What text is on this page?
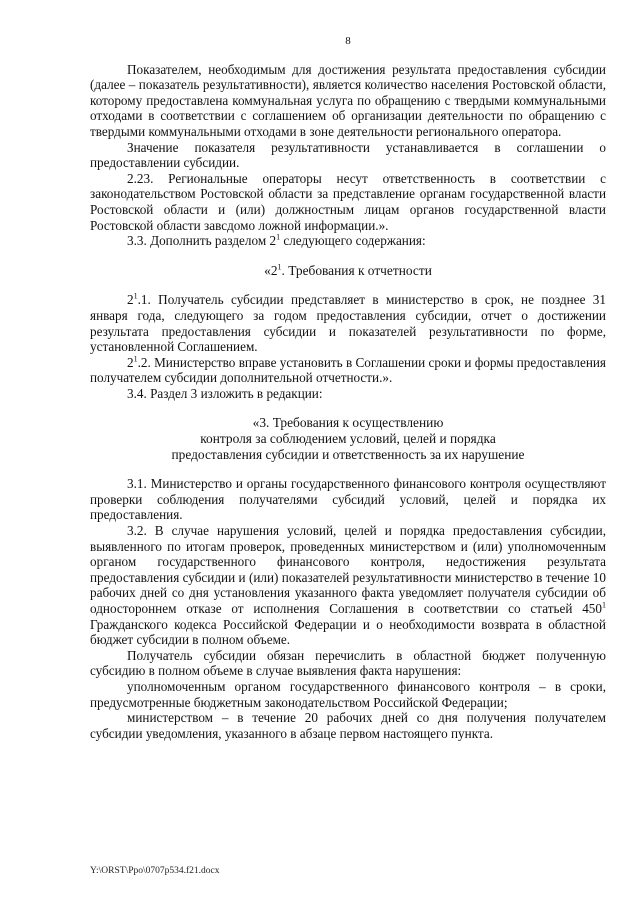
8

Показателем, необходимым для достижения результата предоставления субсидии (далее – показатель результативности), является количество населения Ростовской области, которому предоставлена коммунальная услуга по обращению с твердыми коммунальными отходами в соответствии с соглашением об организации деятельности по обращению с твердыми коммунальными отходами в зоне деятельности регионального оператора.

Значение показателя результативности устанавливается в соглашении о предоставлении субсидии.

2.23. Региональные операторы несут ответственность в соответствии с законодательством Ростовской области за представление органам государственной власти Ростовской области и (или) должностным лицам органов государственной власти Ростовской области завсдомо ложной информации.».

3.3. Дополнить разделом $2^1$ следующего содержания:

«$2^1$. Требования к отчетности

$2^1.1$. Получатель субсидии представляет в министерство в срок, не позднее 31 января года, следующего за годом предоставления субсидии, отчет о достижении результата предоставления субсидии и показателей результативности по форме, установленной Соглашением.

$2^1.2$. Министерство вправе установить в Соглашении сроки и формы предоставления получателем субсидии дополнительной отчетности.».

3.4. Раздел 3 изложить в редакции:

«3. Требования к осуществлению

контроля за соблюдением условий, целей и порядка

предоставления субсидии и ответственность за их нарушение

3.1. Министерство и органы государственного финансового контроля осуществляют проверки соблюдения получателями субсидий условий, целей и порядка их предоставления.

3.2. В случае нарушения условий, целей и порядка предоставления субсидии, выявленного по итогам проверок, проведенных министерством и (или) уполномоченным органом государственного финансового контроля, недостижения результата предоставления субсидии и (или) показателей результативности министерство в течение 10 рабочих дней со дня установления указанного факта уведомляет получателя субсидии об одностороннем отказе от исполнения Соглашения в соответствии со статьей $450^1$ Гражданского кодекса Российской Федерации и о необходимости возврата в областной бюджет субсидии в полном объеме.

Получатель субсидии обязан перечислить в областной бюджет полученную субсидию в полном объеме в случае выявления факта нарушения:

уполномоченным органом государственного финансового контроля – в сроки, предусмотренные бюджетным законодательством Российской Федерации;

министерством – в течение 20 рабочих дней со дня получения получателем субсидии уведомления, указанного в абзаце первом настоящего пункта.

Y:\ORST\Ppo\0707p534.f21.docx
